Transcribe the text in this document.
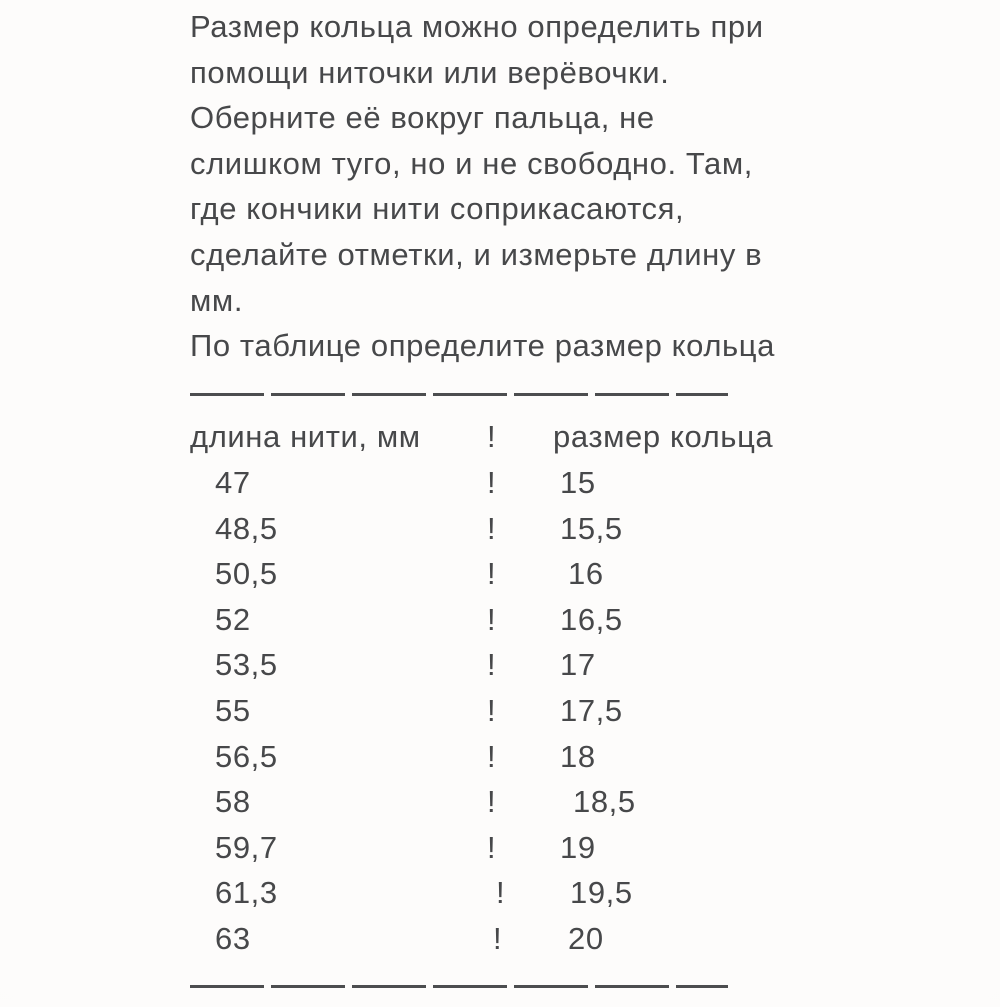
Размер кольца можно определить при
помощи ниточки или верёвочки.
Оберните её вокруг пальца, не
слишком туго, но и не свободно. Там,
где кончики нити соприкасаются,
сделайте отметки, и измерьте длину в
мм.
По таблице определите размер кольца
длина нити, мм ! размер кольца
47	! 15
48,5	! 15,5
50,5	! 16
52	! 16,5
53,5	! 17
55	! 17,5
56,5	! 18
58	! 18,5
59,7	! 19
61,3	! 19,5
63	! 20
